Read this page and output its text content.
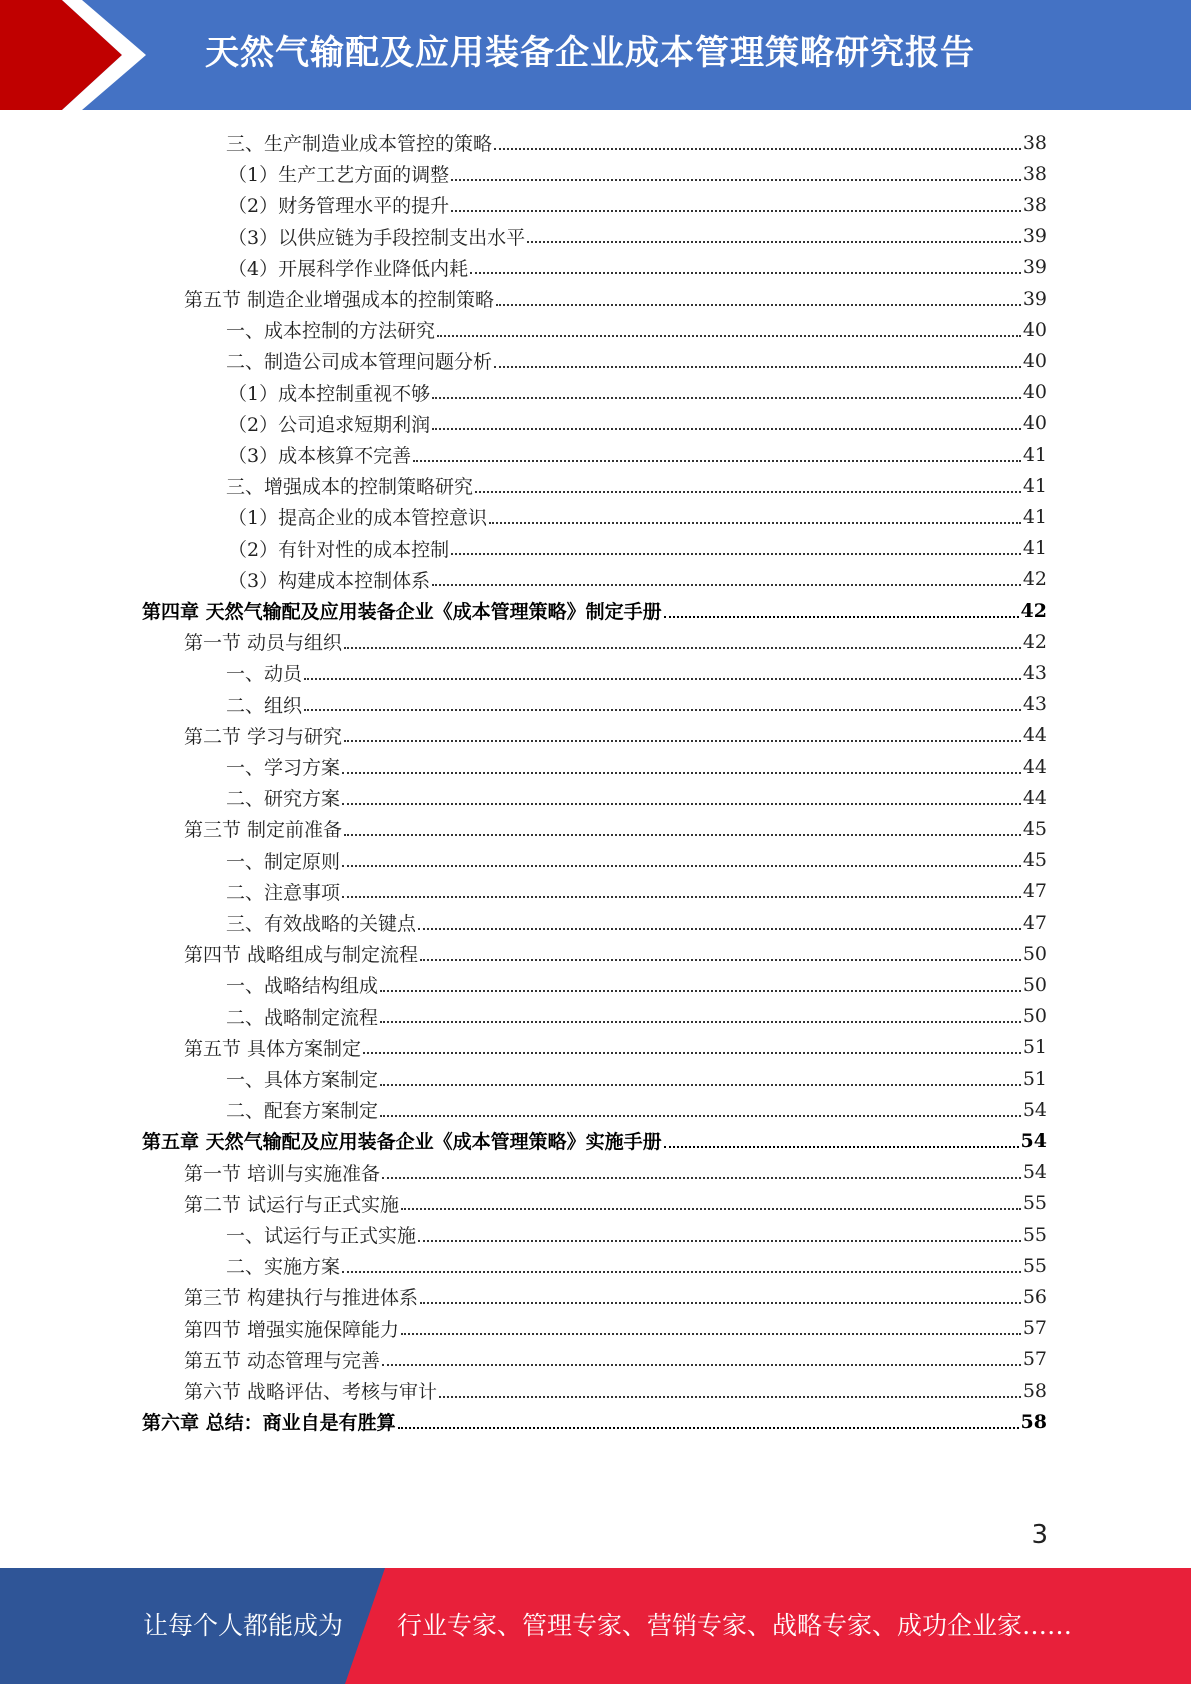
天然气输配及应用装备企业成本管理策略研究报告
三、生产制造业成本管控的策略	38
（1）生产工艺方面的调整	38
（2）财务管理水平的提升	38
（3）以供应链为手段控制支出水平	39
（4）开展科学作业降低内耗	39
第五节 制造企业增强成本的控制策略	39
一、成本控制的方法研究	40
二、制造公司成本管理问题分析	40
（1）成本控制重视不够	40
（2）公司追求短期利润	40
（3）成本核算不完善	41
三、增强成本的控制策略研究	41
（1）提高企业的成本管控意识	41
（2）有针对性的成本控制	41
（3）构建成本控制体系	42
第四章 天然气输配及应用装备企业《成本管理策略》制定手册	42
第一节 动员与组织	42
一、动员	43
二、组织	43
第二节 学习与研究	44
一、学习方案	44
二、研究方案	44
第三节 制定前准备	45
一、制定原则	45
二、注意事项	47
三、有效战略的关键点	47
第四节 战略组成与制定流程	50
一、战略结构组成	50
二、战略制定流程	50
第五节 具体方案制定	51
一、具体方案制定	51
二、配套方案制定	54
第五章 天然气输配及应用装备企业《成本管理策略》实施手册	54
第一节 培训与实施准备	54
第二节 试运行与正式实施	55
一、试运行与正式实施	55
二、实施方案	55
第三节 构建执行与推进体系	56
第四节 增强实施保障能力	57
第五节 动态管理与完善	57
第六节 战略评估、考核与审计	58
第六章 总结：商业自是有胜算	58
3
让每个人都能成为 行业专家、管理专家、营销专家、战略专家、成功企业家……
